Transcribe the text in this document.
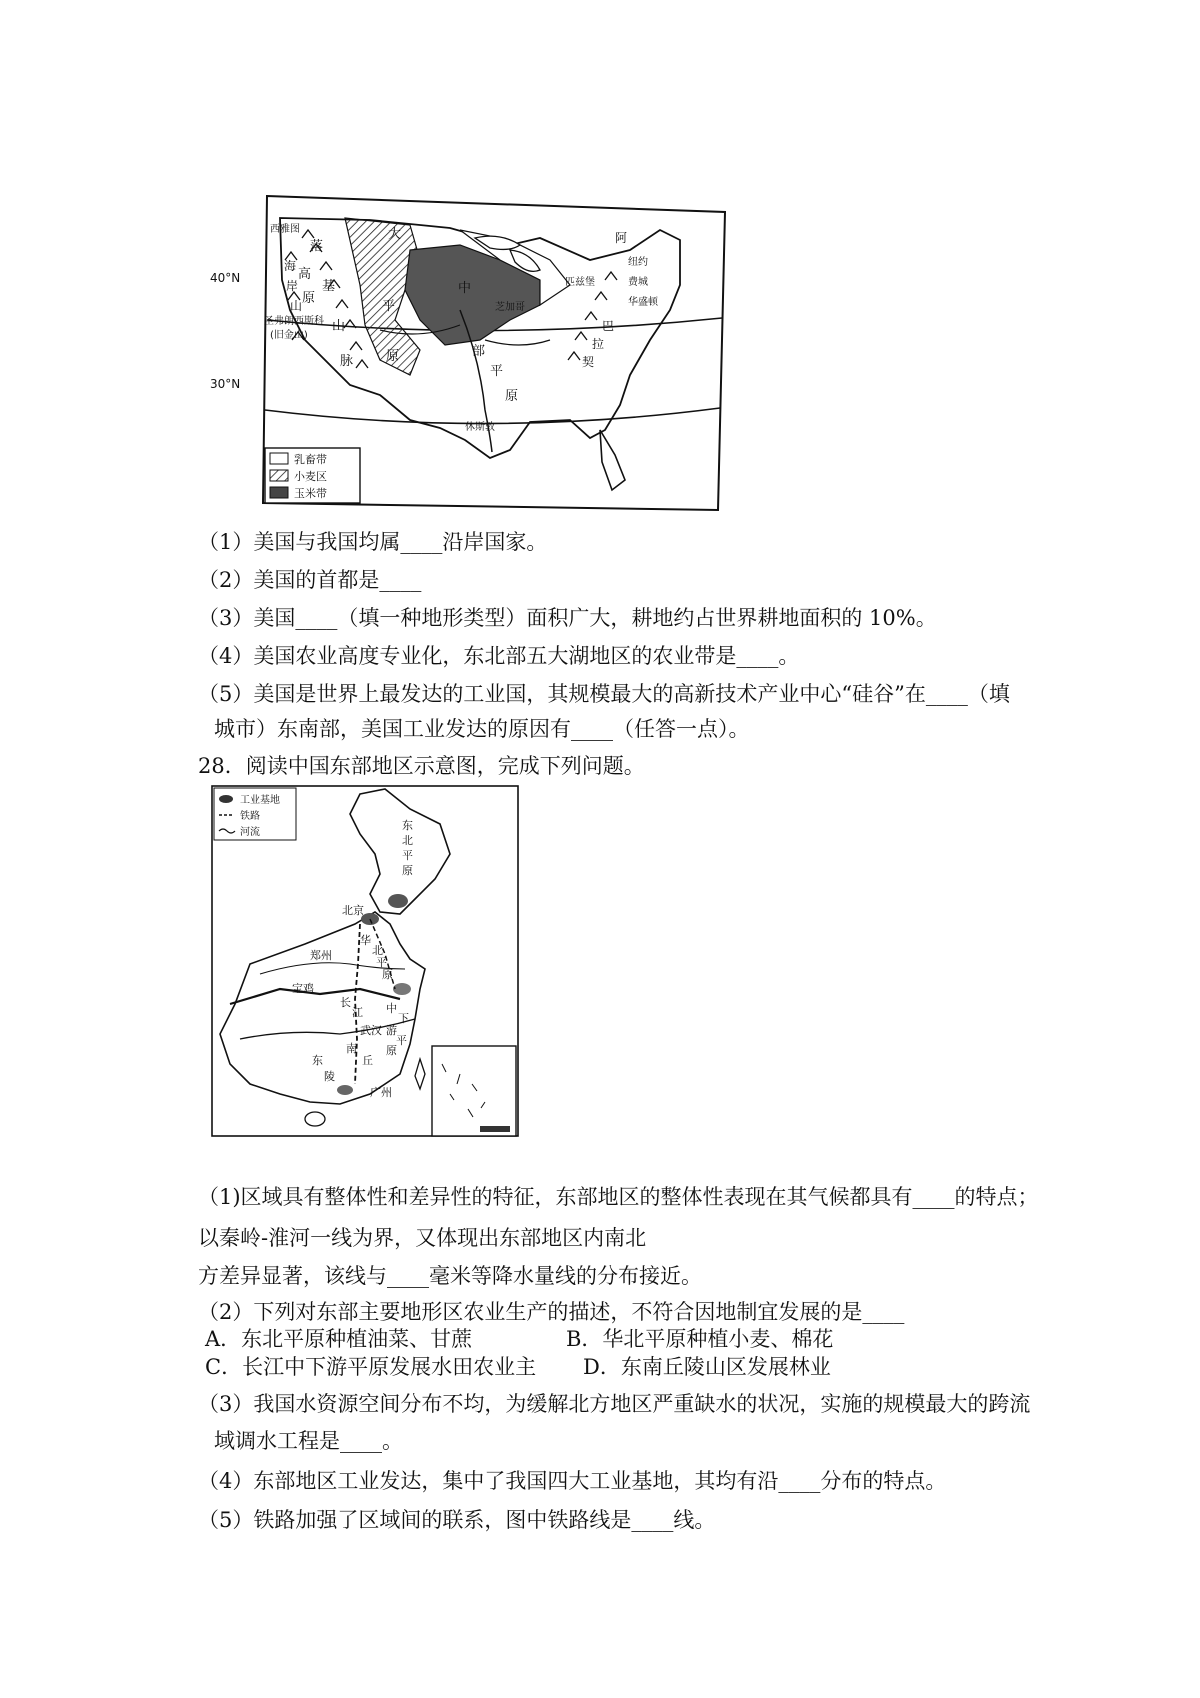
40°N
30°N
西雅图
圣弗朗西斯科
(旧金山)
芝加哥
匹兹堡
纽约
费城
华盛顿
休斯敦
落
基
山
脉
大
平
原
中
部
平
原
海
岸
山
高
原
阿
巴
拉
契
乳畜带
小麦区
玉米带
（1）美国与我国均属____沿岸国家。
（2）美国的首都是____
（3）美国____（填一种地形类型）面积广大，耕地约占世界耕地面积的 10%。
（4）美国农业高度专业化，东北部五大湖地区的农业带是____。
（5）美国是世界上最发达的工业国，其规模最大的高新技术产业中心“硅谷”在____（填
城市）东南部，美国工业发达的原因有____（任答一点）。
28．阅读中国东部地区示意图，完成下列问题。
工业基地
铁路
河流
东
北
平
原
北京
郑州
华
北
平
原
宝鸡
武汉
长
江 中
下
游
平
原
东
南
丘
陵
广州
（1)区域具有整体性和差异性的特征，东部地区的整体性表现在其气候都具有____的特点；
以秦岭-淮河一线为界，又体现出东部地区内南北
方差异显著，该线与____毫米等降水量线的分布接近。
（2）下列对东部主要地形区农业生产的描述，不符合因地制宜发展的是____
A．东北平原种植油菜、甘蔗	B．华北平原种植小麦、棉花
C．长江中下游平原发展水田农业主 D．东南丘陵山区发展林业
（3）我国水资源空间分布不均，为缓解北方地区严重缺水的状况，实施的规模最大的跨流
域调水工程是____。
（4）东部地区工业发达，集中了我国四大工业基地，其均有沿____分布的特点。
（5）铁路加强了区域间的联系，图中铁路线是____线。
